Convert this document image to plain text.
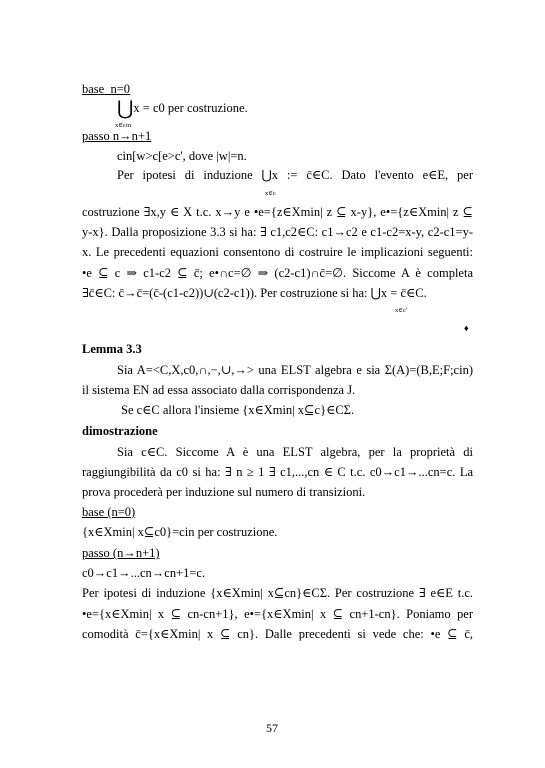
base n=0
⋃x = c0 per costruzione.
x∈cin
passo n→n+1
cin[w>c[e>c', dove |w|=n.
Per ipotesi di induzione ⋃x := c̄∈C. Dato l'evento e∈E, per
x∈c
costruzione ∃x,y ∈ X t.c. x→y e •e={z∈Xmin| z ⊆ x-y}, e•={z∈Xmin| z ⊆
y-x}. Dalla proposizione 3.3 si ha: ∃ c1,c2∈C: c1→c2 e c1-c2=x-y, c2-c1=y-
x. Le precedenti equazioni consentono di costruire le implicazioni seguenti:
•e ⊆ c ⇒ c1-c2 ⊆ c̄; e•∩c=∅ ⇒ (c2-c1)∩c̄=∅. Siccome A è completa
∃c̄∈C: c̄→c̄=(c̄-(c1-c2))∪(c2-c1)). Per costruzione si ha: ⋃x = c̄∈C.
x∈c'
♦
Lemma 3.3
Sia A=<C,X,c0,∩,−,∪,→> una ELST algebra e sia Σ(A)=(B,E;F;cin)
il sistema EN ad essa associato dalla corrispondenza J.
Se c∈C allora l'insieme {x∈Xmin| x⊆c}∈CΣ.
dimostrazione
Sia c∈C. Siccome A è una ELST algebra, per la proprietà di
raggiungibilità da c0 si ha: ∃ n ≥ 1 ∃ c1,...,cn ∈ C t.c. c0→c1→...cn=c. La
prova procederà per induzione sul numero di transizioni.
base (n=0)
{x∈Xmin| x⊆c0}=cin per costruzione.
passo (n→n+1)
c0→c1→...cn→cn+1=c.
Per ipotesi di induzione {x∈Xmin| x⊆cn}∈CΣ. Per costruzione ∃ e∈E t.c.
•e={x∈Xmin| x ⊆ cn-cn+1}, e•={x∈Xmin| x ⊆ cn+1-cn}. Poniamo per
comodità c̄={x∈Xmin| x ⊆ cn}. Dalle precedenti si vede che: •e ⊆ c̄,
57
